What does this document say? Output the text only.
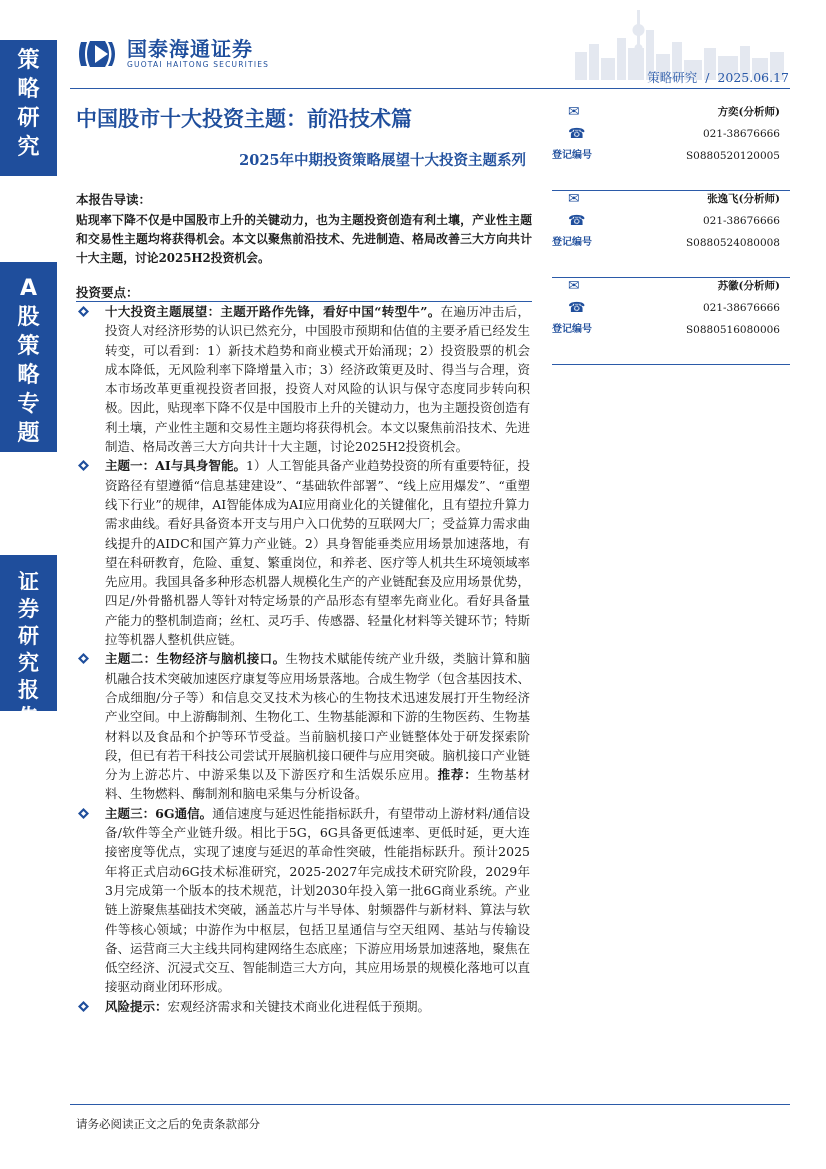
策
略
研
究
A
股
策
略
专
题
证
券
研
究
报
告
国泰海通证券
GUOTAI HAITONG SECURITIES
策略研究 / 2025.06.17
中国股市十大投资主题：前沿技术篇
2025年中期投资策略展望十大投资主题系列
✉	方奕(分析师)
☎	021-38676666
登记编号	S0880520120005
✉	张逸飞(分析师)
☎	021-38676666
登记编号	S0880524080008
✉	苏徽(分析师)
☎	021-38676666
登记编号	S0880516080006
本报告导读：
贴现率下降不仅是中国股市上升的关键动力，也为主题投资创造有利土壤，产业性主题和交易性主题均将获得机会。本文以聚焦前沿技术、先进制造、格局改善三大方向共计十大主题，讨论2025H2投资机会。
投资要点：
十大投资主题展望：主题开路作先锋，看好中国“转型牛”。在遍历冲击后，投资人对经济形势的认识已然充分，中国股市预期和估值的主要矛盾已经发生转变，可以看到：1）新技术趋势和商业模式开始涌现；2）投资股票的机会成本降低，无风险利率下降增量入市；3）经济政策更及时、得当与合理，资本市场改革更重视投资者回报，投资人对风险的认识与保守态度同步转向积极。因此，贴现率下降不仅是中国股市上升的关键动力，也为主题投资创造有利土壤，产业性主题和交易性主题均将获得机会。本文以聚焦前沿技术、先进制造、格局改善三大方向共计十大主题，讨论2025H2投资机会。
主题一：AI与具身智能。1）人工智能具备产业趋势投资的所有重要特征，投资路径有望遵循“信息基建建设”、“基础软件部署”、“线上应用爆发”、“重塑线下行业”的规律，AI智能体成为AI应用商业化的关键催化，且有望拉升算力需求曲线。看好具备资本开支与用户入口优势的互联网大厂；受益算力需求曲线提升的AIDC和国产算力产业链。2）具身智能垂类应用场景加速落地，有望在科研教育，危险、重复、繁重岗位，和养老、医疗等人机共生环境领域率先应用。我国具备多种形态机器人规模化生产的产业链配套及应用场景优势，四足/外骨骼机器人等针对特定场景的产品形态有望率先商业化。看好具备量产能力的整机制造商；丝杠、灵巧手、传感器、轻量化材料等关键环节；特斯拉等机器人整机供应链。
主题二：生物经济与脑机接口。生物技术赋能传统产业升级，类脑计算和脑机融合技术突破加速医疗康复等应用场景落地。合成生物学（包含基因技术、合成细胞/分子等）和信息交叉技术为核心的生物技术迅速发展打开生物经济产业空间。中上游酶制剂、生物化工、生物基能源和下游的生物医药、生物基材料以及食品和个护等环节受益。当前脑机接口产业链整体处于研发探索阶段，但已有若干科技公司尝试开展脑机接口硬件与应用突破。脑机接口产业链分为上游芯片、中游采集以及下游医疗和生活娱乐应用。推荐：生物基材料、生物燃料、酶制剂和脑电采集与分析设备。
主题三：6G通信。通信速度与延迟性能指标跃升，有望带动上游材料/通信设备/软件等全产业链升级。相比于5G，6G具备更低速率、更低时延，更大连接密度等优点，实现了速度与延迟的革命性突破，性能指标跃升。预计2025年将正式启动6G技术标准研究，2025-2027年完成技术研究阶段，2029年3月完成第一个版本的技术规范，计划2030年投入第一批6G商业系统。产业链上游聚焦基础技术突破，涵盖芯片与半导体、射频器件与新材料、算法与软件等核心领域；中游作为中枢层，包括卫星通信与空天组网、基站与传输设备、运营商三大主线共同构建网络生态底座；下游应用场景加速落地，聚焦在低空经济、沉浸式交互、智能制造三大方向，其应用场景的规模化落地可以直接驱动商业闭环形成。
风险提示：宏观经济需求和关键技术商业化进程低于预期。
请务必阅读正文之后的免责条款部分
